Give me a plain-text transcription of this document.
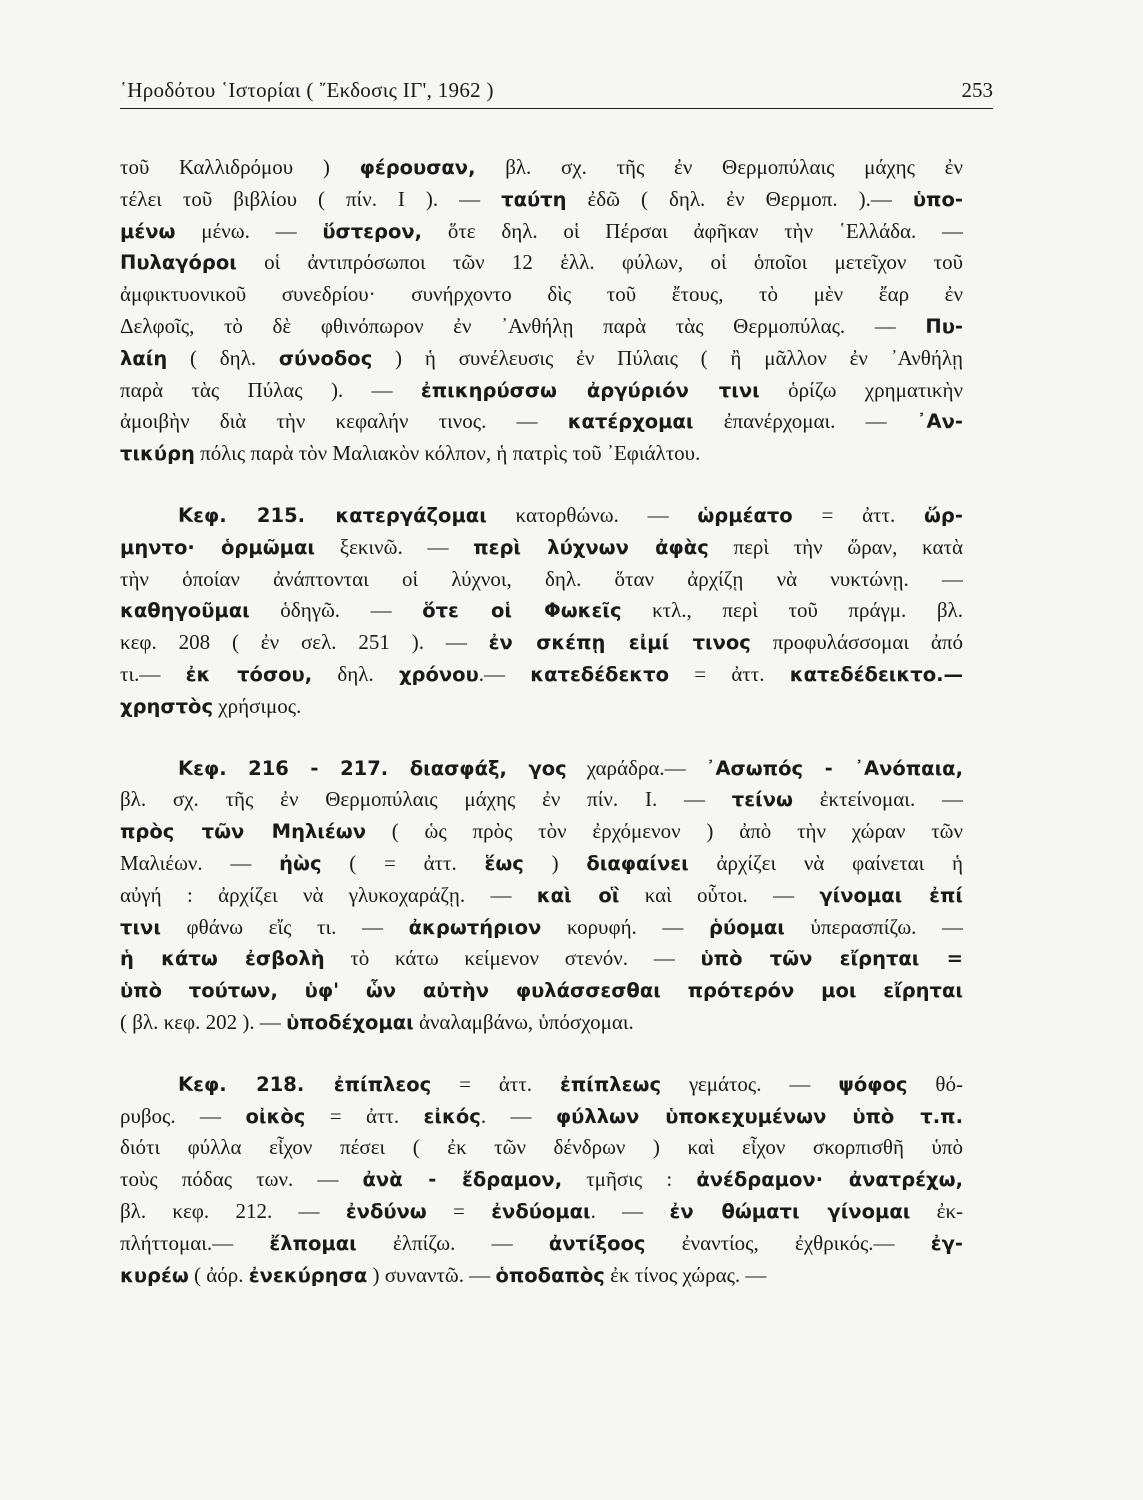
῾Ηροδότου ῾Ιστορίαι ( ῎Εκδοσις ΙΓ', 1962 )	253
τοῦ Καλλιδρόμου ) φέρουσαν, βλ. σχ. τῆς ἐν Θερμοπύλαις μάχης ἐν
τέλει τοῦ βιβλίου ( πίν. I ). — ταύτη ἐδῶ ( δηλ. ἐν Θερμοπ. ).— ὑπο-
μένω μένω. — ὕστερον, ὅτε δηλ. οἱ Πέρσαι ἀφῆκαν τὴν ῾Ελλάδα. —
Πυλαγόροι οἱ ἀντιπρόσωποι τῶν 12 ἑλλ. φύλων, οἱ ὁποῖοι μετεῖχον τοῦ
ἀμφικτυονικοῦ συνεδρίου· συνήρχοντο δὶς τοῦ ἔτους, τὸ μὲν ἔαρ ἐν
Δελφοῖς, τὸ δὲ φθινόπωρον ἐν ᾿Ανθήλῃ παρὰ τὰς Θερμοπύλας. — Πυ-
λαίη ( δηλ. σύνοδος ) ἡ συνέλευσις ἐν Πύλαις ( ἢ μᾶλλον ἐν ᾿Ανθήλῃ
παρὰ τὰς Πύλας ). — ἐπικηρύσσω ἀργύριόν τινι ὁρίζω χρηματικὴν
ἀμοιβὴν διὰ τὴν κεφαλήν τινος. — κατέρχομαι ἐπανέρχομαι. — ᾿Αν-
τικύρη πόλις παρὰ τὸν Μαλιακὸν κόλπον, ἡ πατρὶς τοῦ ᾿Εφιάλτου.
Κεφ. 215. κατεργάζομαι κατορθώνω. — ὡρμέατο = ἀττ. ὥρ-
μηντο· ὁρμῶμαι ξεκινῶ. — περὶ λύχνων ἀφὰς περὶ τὴν ὥραν, κατὰ
τὴν ὁποίαν ἀνάπτονται οἱ λύχνοι, δηλ. ὅταν ἀρχίζῃ νὰ νυκτώνῃ. —
καθηγοῦμαι ὁδηγῶ. — ὅτε οἱ Φωκεῖς κτλ., περὶ τοῦ πράγμ. βλ.
κεφ. 208 ( ἐν σελ. 251 ). — ἐν σκέπῃ εἰμί τινος προφυλάσσομαι ἀπό
τι.— ἐκ τόσου, δηλ. χρόνου.— κατεδέδεκτο = ἀττ. κατεδέδεικτο.—
χρηστὸς χρήσιμος.
Κεφ. 216 - 217. διασφάξ, γος χαράδρα.— ᾿Ασωπός - ᾿Ανόπαια,
βλ. σχ. τῆς ἐν Θερμοπύλαις μάχης ἐν πίν. I. — τείνω ἐκτείνομαι. —
πρὸς τῶν Μηλιέων ( ὡς πρὸς τὸν ἐρχόμενον ) ἀπὸ τὴν χώραν τῶν
Μαλιέων. — ἠὼς ( = ἀττ. ἕως ) διαφαίνει ἀρχίζει νὰ φαίνεται ἡ
αὐγή : ἀρχίζει νὰ γλυκοχαράζῃ. — καὶ οἳ καὶ οὗτοι. — γίνομαι ἐπί
τινι φθάνω εἴς τι. — ἀκρωτήριον κορυφή. — ῥύομαι ὑπερασπίζω. —
ἡ κάτω ἐσβολὴ τὸ κάτω κείμενον στενόν. — ὑπὸ τῶν εἴρηται =
ὑπὸ τούτων, ὑφ' ὧν αὐτὴν φυλάσσεσθαι πρότερόν μοι εἴρηται
( βλ. κεφ. 202 ). — ὑποδέχομαι ἀναλαμβάνω, ὑπόσχομαι.
Κεφ. 218. ἐπίπλεος = ἀττ. ἐπίπλεως γεμάτος. — ψόφος θό-
ρυβος. — οἰκὸς = ἀττ. εἰκός. — φύλλων ὑποκεχυμένων ὑπὸ τ.π.
διότι φύλλα εἶχον πέσει ( ἐκ τῶν δένδρων ) καὶ εἶχον σκορπισθῆ ὑπὸ
τοὺς πόδας των. — ἀνὰ - ἔδραμον, τμῆσις : ἀνέδραμον· ἀνατρέχω,
βλ. κεφ. 212. — ἐνδύνω = ἐνδύομαι. — ἐν θώματι γίνομαι ἐκ-
πλήττομαι.— ἔλπομαι ἐλπίζω. — ἀντίξοος ἐναντίος, ἐχθρικός.— ἐγ-
κυρέω ( ἀόρ. ἐνεκύρησα ) συναντῶ. — ὁποδαπὸς ἐκ τίνος χώρας. —
